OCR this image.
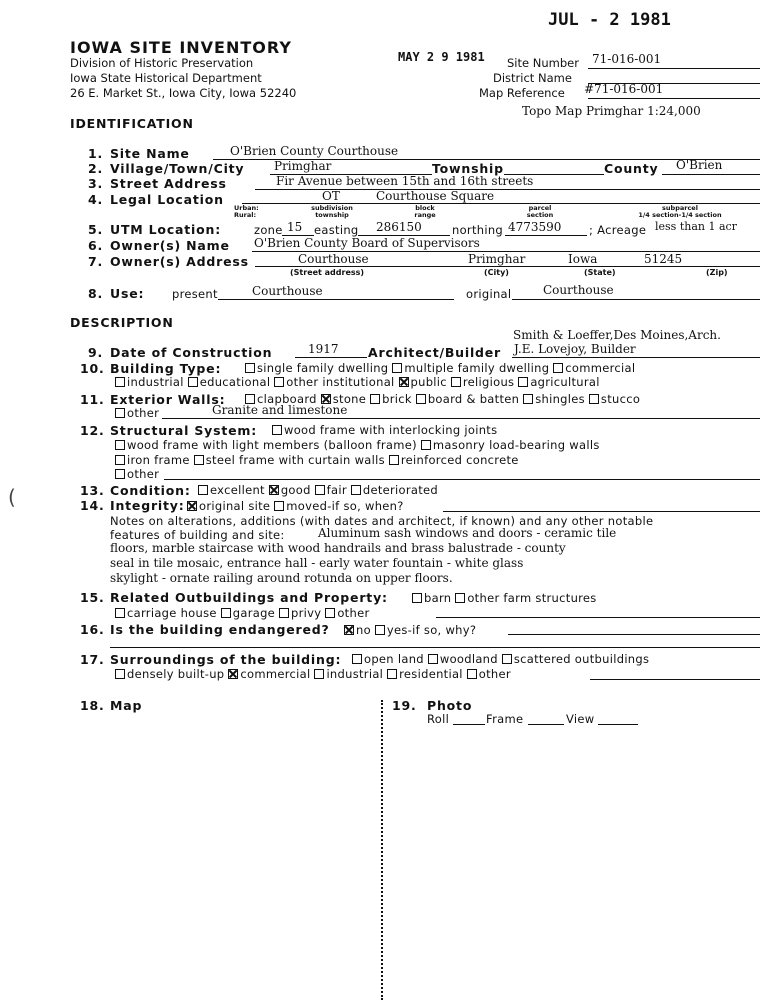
JUL - 2 1981
MAY 2 9 1981
IOWA SITE INVENTORY
Division of Historic Preservation
Iowa State Historical Department
26 E. Market St., Iowa City, Iowa 52240
Site Number 71-016-001
District Name
Map Reference #71-016-001
Topo Map Primghar 1:24,000
IDENTIFICATION
1. Site Name	O'Brien County Courthouse
2. Village/Town/City Primghar	Township	County O'Brien
3. Street Address	Fir Avenue between 15th and 16th streets
4. Legal Location	OT	Courthouse Square
Urban:
Rural:
subdivision
township
block
range
parcel
section
subparcel
1/4 section-1/4 section
5. UTM Location:	zone 15 easting 286150	northing 4773590 ; Acreage less than 1 acr
6. Owner(s) Name O'Brien County Board of Supervisors
7. Owner(s) Address	Courthouse	Primghar	Iowa	51245
(Street address)	(City)	(State)	(Zip)
8. Use: present	Courthouse	original	Courthouse
DESCRIPTION
Smith & Loeffer,Des Moines,Arch.
9. Date of Construction	1917 Architect/Builder J.E. Lovejoy, Builder
10. Building Type:	single family dwelling multiple family dwelling commercial
industrial educational other institutional public religious agricultural
11. Exterior Walls:	clapboard stone brick board & batten shingles stucco
other	Granite and limestone
12. Structural System:	wood frame with interlocking joints
wood frame with light members (balloon frame) masonry load-bearing walls
iron frame steel frame with curtain walls reinforced concrete
other
13. Condition:	excellent good fair deteriorated
14. Integrity:	original site moved-if so, when?
Notes on alterations, additions (with dates and architect, if known) and any other notable
features of building and site:	Aluminum sash windows and doors - ceramic tile
floors, marble staircase with wood handrails and brass balustrade - county
seal in tile mosaic, entrance hall - early water fountain - white glass
skylight - ornate railing around rotunda on upper floors.
15. Related Outbuildings and Property:	barn other farm structures
carriage house garage privy other
16. Is the building endangered?	no yes-if so, why?
17. Surroundings of the building:	open land woodland scattered outbuildings
densely built-up commercial industrial residential other
18. Map	19. Photo
Roll	Frame	View
(
